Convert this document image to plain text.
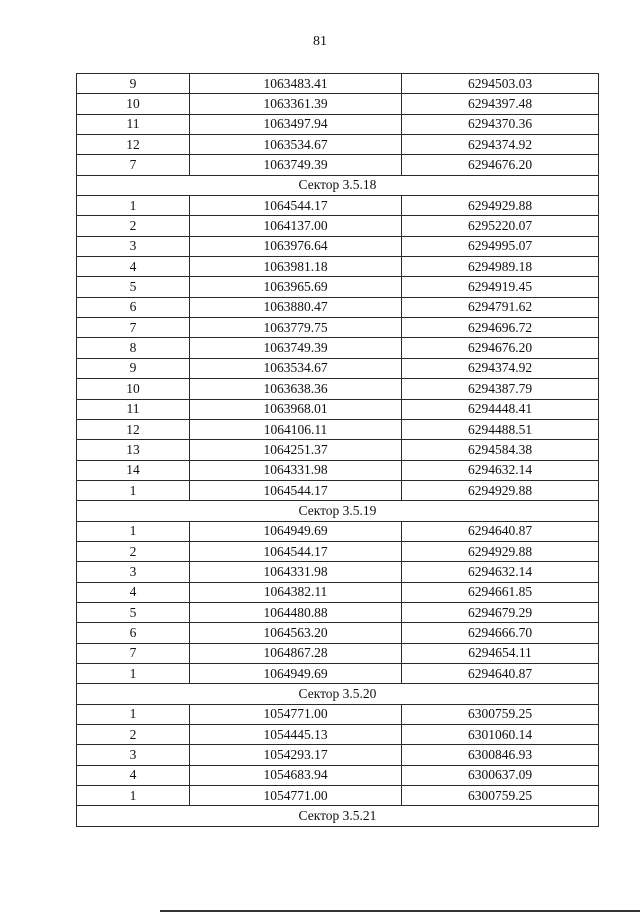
81
9	1063483.41	6294503.03
10	1063361.39	6294397.48
11	1063497.94	6294370.36
12	1063534.67	6294374.92
7	1063749.39	6294676.20
Сектор 3.5.18		
1	1064544.17	6294929.88
2	1064137.00	6295220.07
3	1063976.64	6294995.07
4	1063981.18	6294989.18
5	1063965.69	6294919.45
6	1063880.47	6294791.62
7	1063779.75	6294696.72
8	1063749.39	6294676.20
9	1063534.67	6294374.92
10	1063638.36	6294387.79
11	1063968.01	6294448.41
12	1064106.11	6294488.51
13	1064251.37	6294584.38
14	1064331.98	6294632.14
1	1064544.17	6294929.88
Сектор 3.5.19		
1	1064949.69	6294640.87
2	1064544.17	6294929.88
3	1064331.98	6294632.14
4	1064382.11	6294661.85
5	1064480.88	6294679.29
6	1064563.20	6294666.70
7	1064867.28	6294654.11
1	1064949.69	6294640.87
Сектор 3.5.20		
1	1054771.00	6300759.25
2	1054445.13	6301060.14
3	1054293.17	6300846.93
4	1054683.94	6300637.09
1	1054771.00	6300759.25
Сектор 3.5.21		
